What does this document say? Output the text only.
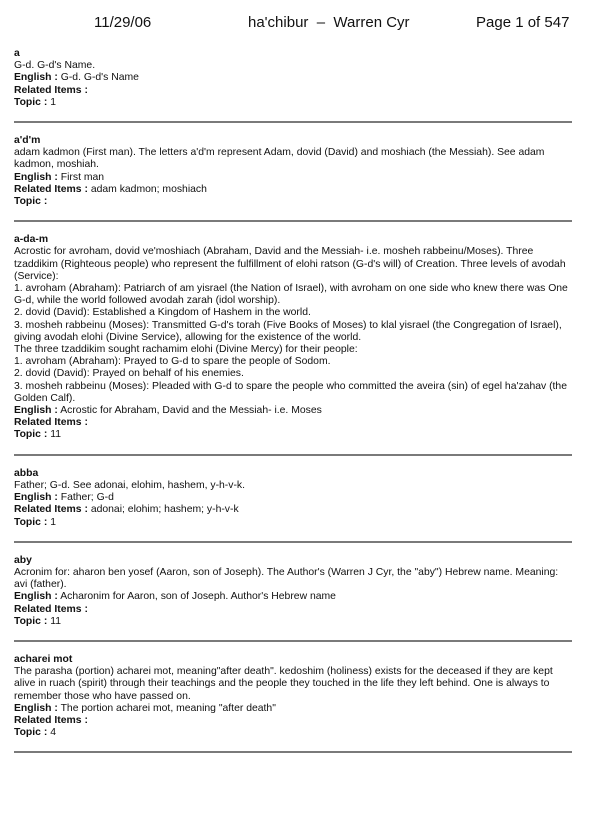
11/29/06	ha'chibur  –  Warren Cyr	Page 1 of 547
a
G-d. G-d's Name.
English : G-d. G-d's Name
Related Items :
Topic : 1
a'd'm
adam kadmon (First man). The letters a'd'm represent Adam, dovid (David) and moshiach (the Messiah). See adam kadmon, moshiah.
English : First man
Related Items : adam kadmon; moshiach
Topic :
a-da-m
Acrostic for avroham, dovid ve'moshiach (Abraham, David and the Messiah- i.e. mosheh rabbeinu/Moses). Three tzaddikim (Righteous people) who represent the fulfillment of elohi ratson (G-d's will) of Creation. Three levels of avodah (Service):
1. avroham (Abraham): Patriarch of am yisrael (the Nation of Israel), with avroham on one side who knew there was One G-d, while the world followed avodah zarah (idol worship).
2. dovid (David): Established a Kingdom of Hashem in the world.
3. mosheh rabbeinu (Moses): Transmitted G-d's torah (Five Books of Moses) to klal yisrael (the Congregation of Israel), giving avodah elohi (Divine Service), allowing for the existence of the world.
The three tzaddikim sought rachamim elohi (Divine Mercy) for their people:
1. avroham (Abraham): Prayed to G-d to spare the people of Sodom.
2. dovid (David): Prayed on behalf of his enemies.
3. mosheh rabbeinu (Moses): Pleaded with G-d to spare the people who committed the aveira (sin) of egel ha'zahav (the Golden Calf).
English : Acrostic for Abraham, David and the Messiah- i.e. Moses
Related Items :
Topic : 11
abba
Father; G-d. See adonai, elohim, hashem, y-h-v-k.
English : Father; G-d
Related Items : adonai; elohim; hashem; y-h-v-k
Topic : 1
aby
Acronim for: aharon ben yosef (Aaron, son of Joseph). The Author's (Warren J Cyr, the "aby") Hebrew name. Meaning: avi (father).
English : Acharonim for Aaron, son of Joseph. Author's Hebrew name
Related Items :
Topic : 11
acharei mot
The parasha (portion) acharei mot, meaning"after death". kedoshim (holiness) exists for the deceased if they are kept alive in ruach (spirit) through their teachings and the people they touched in the life they left behind. One is always to remember those who have passed on.
English : The portion acharei mot, meaning "after death"
Related Items :
Topic : 4
